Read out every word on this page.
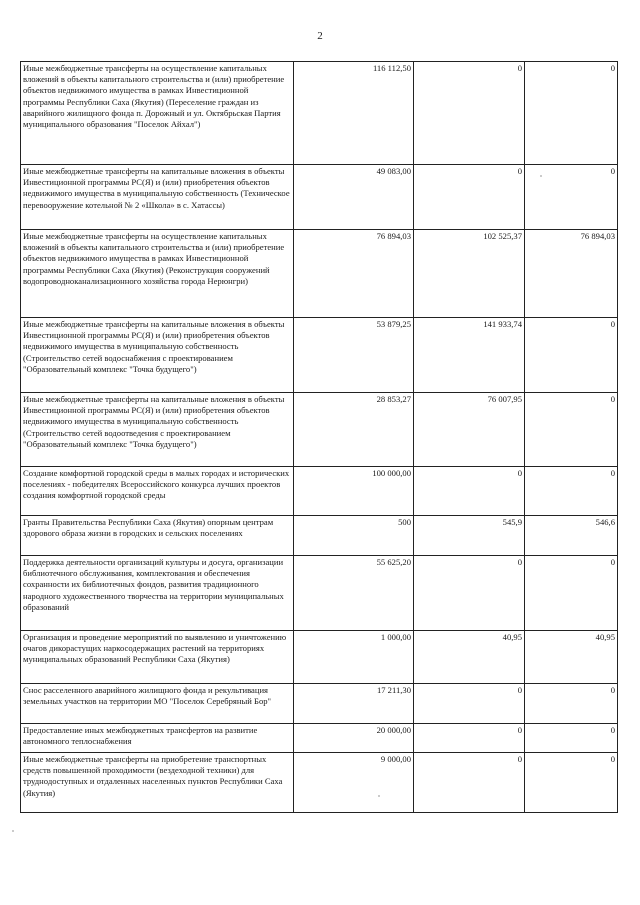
2
Иные межбюджетные трансферты на осуществление капитальных вложений в объекты капитального строительства и (или) приобретение объектов недвижимого имущества в рамках Инвестиционной программы Республики Саха (Якутия) (Переселение граждан из аварийного жилищного фонда п. Дорожный и ул. Октябрьская Партия муниципального образования "Поселок Айхал")	116 112,50	0	0
Иные межбюджетные трансферты на капитальные вложения в объекты Инвестиционной программы РС(Я) и (или) приобретения объектов недвижимого имущества в муниципальную собственность (Техническое перевооружение котельной № 2 «Школа» в с. Хатассы)	49 083,00	0	0
Иные межбюджетные трансферты на осуществление капитальных вложений в объекты капитального строительства и (или) приобретение объектов недвижимого имущества в рамках Инвестиционной программы Республики Саха (Якутия) (Реконструкция сооружений водопроводноканализационного хозяйства города Нерюнгри)	76 894,03	102 525,37	76 894,03
Иные межбюджетные трансферты на капитальные вложения в объекты Инвестиционной программы РС(Я) и (или) приобретения объектов недвижимого имущества в муниципальную собственность (Строительство сетей водоснабжения с проектированием "Образовательный комплекс "Точка будущего")	53 879,25	141 933,74	0
Иные межбюджетные трансферты на капитальные вложения в объекты Инвестиционной программы РС(Я) и (или) приобретения объектов недвижимого имущества в муниципальную собственность (Строительство сетей водоотведения с проектированием "Образовательный комплекс "Точка будущего")	28 853,27	76 007,95	0
Создание комфортной городской среды в малых городах и исторических поселениях - победителях Всероссийского конкурса лучших проектов создания комфортной городской среды	100 000,00	0	0
Гранты Правительства Республики Саха (Якутия) опорным центрам здорового образа жизни в городских и сельских поселениях	500	545,9	546,6
Поддержка деятельности организаций культуры и досуга, организации библиотечного обслуживания, комплектования и обеспечения сохранности их библиотечных фондов, развития традиционного народного художественного творчества на территории муниципальных образований	55 625,20	0	0
Организация и проведение мероприятий по выявлению и уничтожению очагов дикорастущих наркосодержащих растений на территориях муниципальных образований Республики Саха (Якутия)	1 000,00	40,95	40,95
Снос расселенного аварийного жилищного фонда и рекультивация земельных участков на территории МО "Поселок Серебряный Бор"	17 211,30	0	0
Предоставление иных межбюджетных трансфертов на развитие автономного теплоснабжения	20 000,00	0	0
Иные межбюджетные трансферты на приобретение транспортных средств повышенной проходимости (вездеходной техники) для труднодоступных и отдаленных населенных пунктов Республики Саха (Якутия)	9 000,00	0	0
